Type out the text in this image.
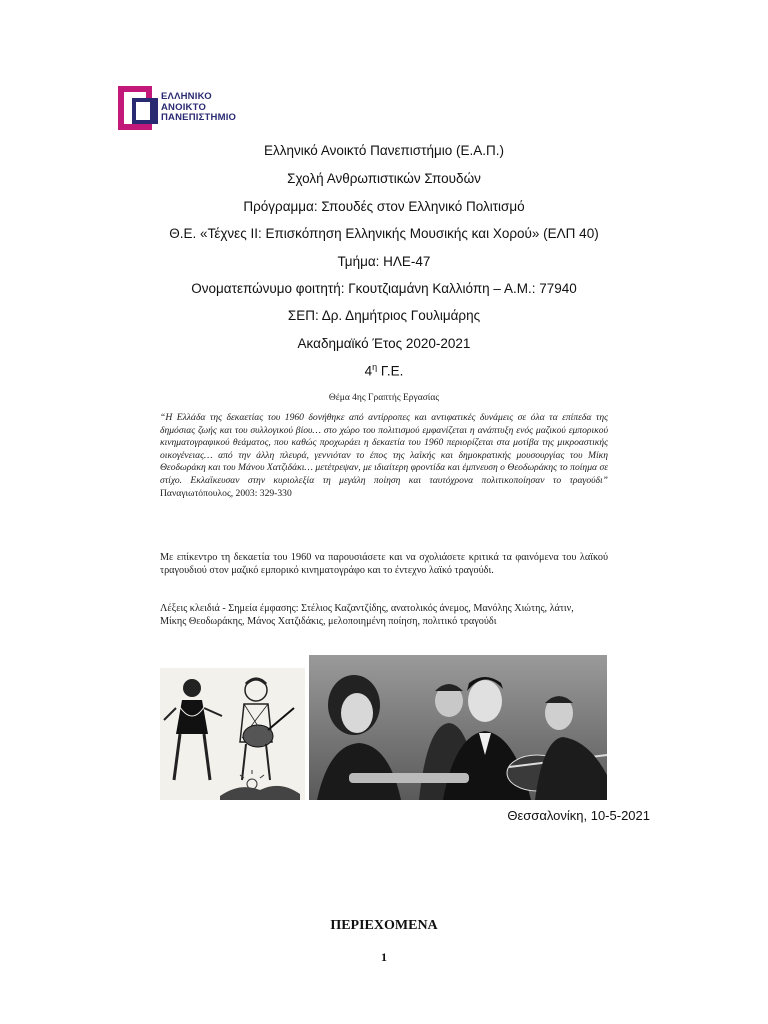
ΕΛΛΗΝΙΚΟ
ΑΝΟΙΚΤΟ
ΠΑΝΕΠΙΣΤΗΜΙΟ
Ελληνικό Ανοικτό Πανεπιστήμιο (Ε.Α.Π.)
Σχολή Ανθρωπιστικών Σπουδών
Πρόγραμμα: Σπουδές στον Ελληνικό Πολιτισμό
Θ.Ε. «Τέχνες ΙΙ: Επισκόπηση Ελληνικής Μουσικής και Χορού» (ΕΛΠ 40)
Τμήμα: ΗΛΕ-47
Ονοματεπώνυμο φοιτητή: Γκουτζιαμάνη Καλλιόπη – Α.Μ.: 77940
ΣΕΠ: Δρ. Δημήτριος Γουλιμάρης
Ακαδημαϊκό Έτος 2020-2021
$4^\eta$ Γ.Ε.
Θέμα 4ης Γραπτής Εργασίας
“Η Ελλάδα της δεκαετίας του 1960 δονήθηκε από αντίρροπες και αντιφατικές δυνάμεις σε όλα τα επίπεδα της δημόσιας ζωής και του συλλογικού βίου… στο χώρο του πολιτισμού εμφανίζεται η ανάπτυξη ενός μαζικού εμπορικού κινηματογραφικού θεάματος, που καθώς προχωράει η δεκαετία του 1960 περιορίζεται στα μοτίβα της μικροαστικής οικογένειας… από την άλλη πλευρά, γεννιόταν το έπος της λαϊκής και δημοκρατικής μουσουργίας του Μίκη Θεοδωράκη και του Μάνου Χατζιδάκι… μετέτρεψαν, με ιδιαίτερη φροντίδα και έμπνευση ο Θεοδωράκης το ποίημα σε στίχο. Εκλαΐκευσαν στην κυριολεξία τη μεγάλη ποίηση και ταυτόχρονα πολιτικοποίησαν το τραγούδι” Παναγιωτόπουλος, 2003: 329-330
Με επίκεντρο τη δεκαετία του 1960 να παρουσιάσετε και να σχολιάσετε κριτικά τα φαινόμενα του λαϊκού τραγουδιού στον μαζικό εμπορικό κινηματογράφο και το έντεχνο λαϊκό τραγούδι.
Λέξεις κλειδιά - Σημεία έμφασης: Στέλιος Καζαντζίδης, ανατολικός άνεμος, Μανόλης Χιώτης, λάτιν, Μίκης Θεοδωράκης, Μάνος Χατζιδάκις, μελοποιημένη ποίηση, πολιτικό τραγούδι
Θεσσαλονίκη, 10-5-2021
ΠΕΡΙΕΧΟΜΕΝΑ
1
